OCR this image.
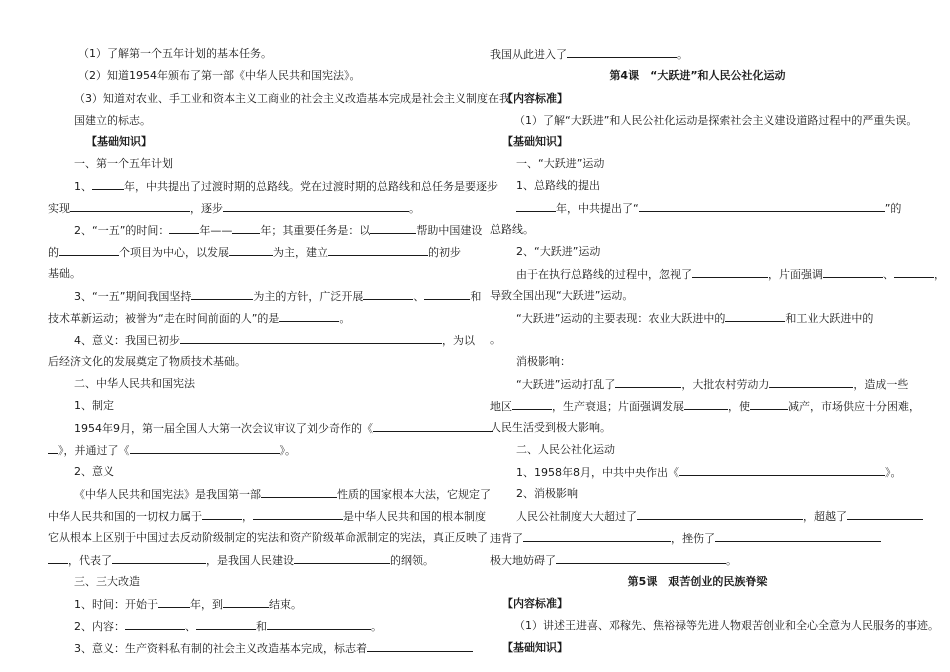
（1）了解第一个五年计划的基本任务。
（2）知道1954年颁布了第一部《中华人民共和国宪法》。
（3）知道对农业、手工业和资本主义工商业的社会主义改造基本完成是社会主义制度在我
国建立的标志。
【基础知识】
一、第一个五年计划
1、	年，中共提出了过渡时期的总路线。党在过渡时期的总路线和总任务是要逐步
实现	，逐步	。
2、“一五”的时间：	年——	年；其重要任务是：以	帮助中国建设
的	个项目为中心，以发展	为主，建立	的初步
基础。
3、“一五”期间我国坚持	为主的方针，广泛开展	、	和
技术革新运动；被誉为“走在时间前面的人”的是	。
4、意义：我国已初步	，为以
后经济文化的发展奠定了物质技术基础。
二、中华人民共和国宪法
1、制定
1954年9月，第一届全国人大第一次会议审议了刘少奇作的《
》，并通过了《	》。
2、意义
《中华人民共和国宪法》是我国第一部	性质的国家根本大法，它规定了
中华人民共和国的一切权力属于	，	是中华人民共和国的根本制度
它从根本上区别于中国过去反动阶级制定的宪法和资产阶级革命派制定的宪法，真正反映了
，代表了	，是我国人民建设	的纲领。
三、三大改造
1、时间：开始于	年，到	结束。
2、内容：	、	和	。
3、意义：生产资料私有制的社会主义改造基本完成，标志着
我国从此进入了	。
第4课　“大跃进”和人民公社化运动
【内容标准】
（1）了解“大跃进”和人民公社化运动是探索社会主义建设道路过程中的严重失误。
【基础知识】
一、“大跃进”运动
1、总路线的提出
年，中共提出了“	”的
总路线。
2、“大跃进”运动
由于在执行总路线的过程中，忽视了	，片面强调	、	，
导致全国出现“大跃进”运动。
“大跃进”运动的主要表现：农业大跃进中的	和工业大跃进中的
。
消极影响：
“大跃进”运动打乱了	，大批农村劳动力	，造成一些
地区	，生产衰退；片面强调发展	，使	减产，市场供应十分困难，
人民生活受到极大影响。
二、人民公社化运动
1、1958年8月，中共中央作出《	》。
2、消极影响
人民公社制度大大超过了	，超越了
违背了	，挫伤了
极大地妨碍了	。
第5课　艰苦创业的民族脊梁
【内容标准】
（1）讲述王进喜、邓稼先、焦裕禄等先进人物艰苦创业和全心全意为人民服务的事迹。
【基础知识】
